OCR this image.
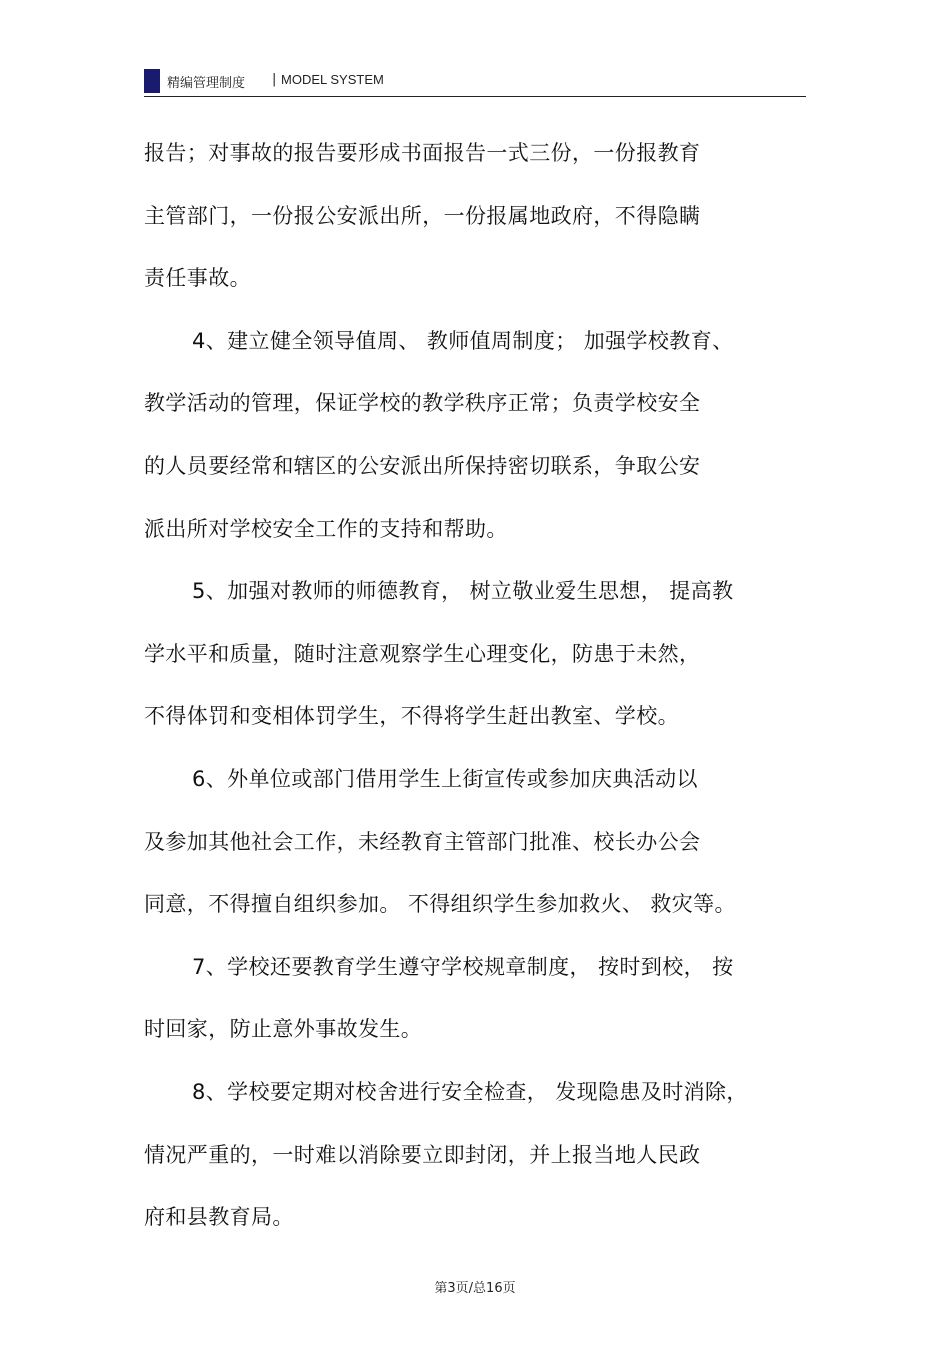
精编管理制度 | MODEL SYSTEM
报告；对事故的报告要形成书面报告一式三份，一份报教育
主管部门，一份报公安派出所，一份报属地政府，不得隐瞒
责任事故。
4、建立健全领导值周、 教师值周制度； 加强学校教育、
教学活动的管理，保证学校的教学秩序正常；负责学校安全
的人员要经常和辖区的公安派出所保持密切联系，争取公安
派出所对学校安全工作的支持和帮助。
5、加强对教师的师德教育， 树立敬业爱生思想， 提高教
学水平和质量，随时注意观察学生心理变化，防患于未然，
不得体罚和变相体罚学生，不得将学生赶出教室、学校。
6、外单位或部门借用学生上街宣传或参加庆典活动以
及参加其他社会工作，未经教育主管部门批准、校长办公会
同意，不得擅自组织参加。 不得组织学生参加救火、 救灾等。
7、学校还要教育学生遵守学校规章制度， 按时到校， 按
时回家，防止意外事故发生。
8、学校要定期对校舍进行安全检查， 发现隐患及时消除，
情况严重的，一时难以消除要立即封闭，并上报当地人民政
府和县教育局。
第3页/总16页
